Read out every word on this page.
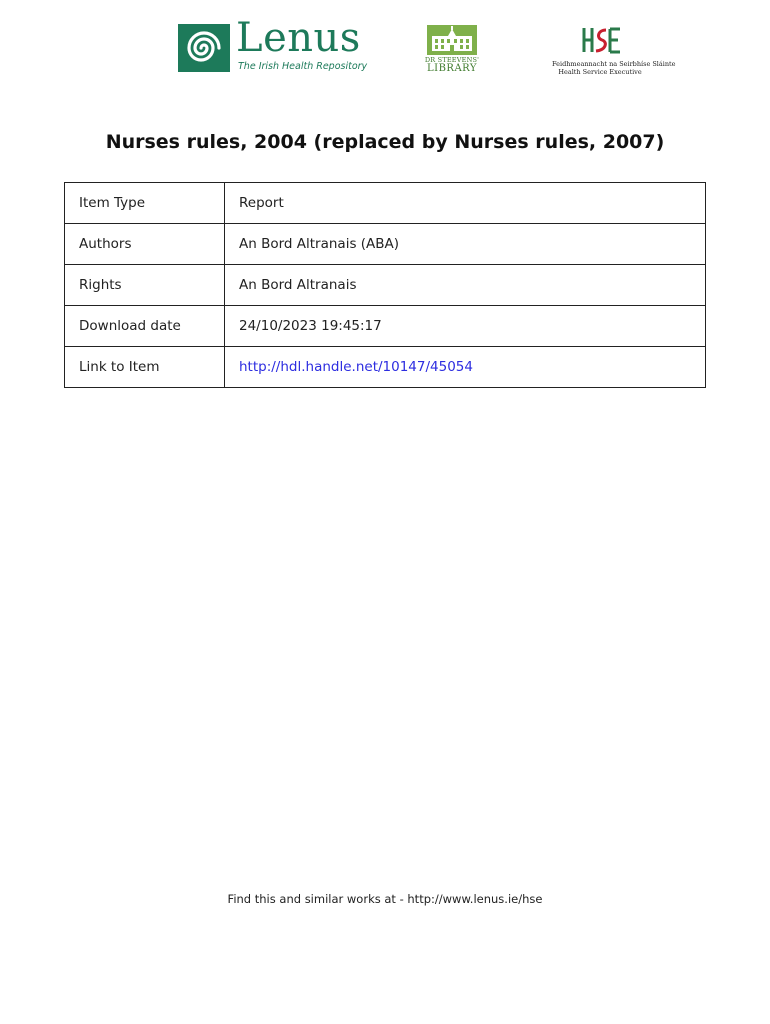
Lenus
The Irish Health Repository
DR STEEVENS'
LIBRARY	Feidhmeannacht na Seirbhíse Sláinte
Health Service Executive
Nurses rules, 2004 (replaced by Nurses rules, 2007)
Item Type	Report
Authors	An Bord Altranais (ABA)
Rights	An Bord Altranais
Download date	24/10/2023 19:45:17
Link to Item	http://hdl.handle.net/10147/45054
Find this and similar works at - http://www.lenus.ie/hse
